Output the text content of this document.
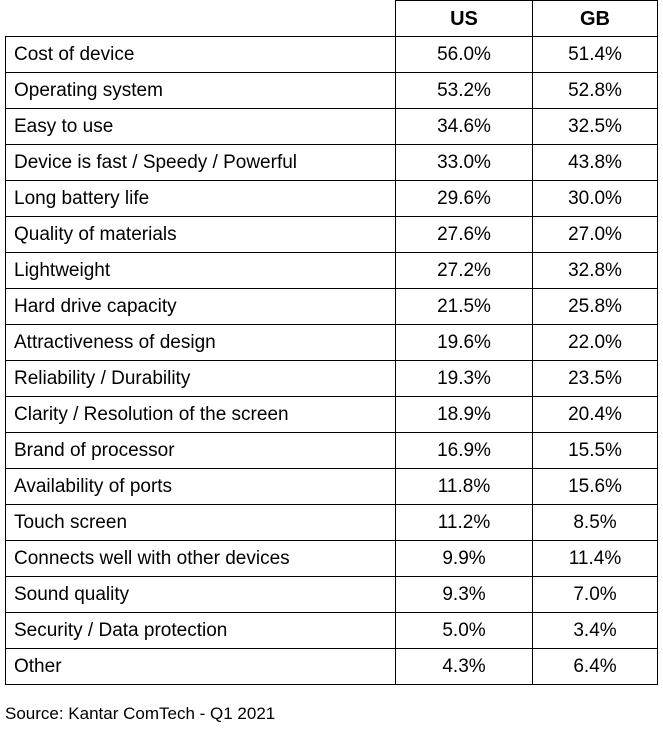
	US	GB
Cost of device	56.0%	51.4%
Operating system	53.2%	52.8%
Easy to use	34.6%	32.5%
Device is fast / Speedy / Powerful	33.0%	43.8%
Long battery life	29.6%	30.0%
Quality of materials	27.6%	27.0%
Lightweight	27.2%	32.8%
Hard drive capacity	21.5%	25.8%
Attractiveness of design	19.6%	22.0%
Reliability / Durability	19.3%	23.5%
Clarity / Resolution of the screen	18.9%	20.4%
Brand of processor	16.9%	15.5%
Availability of ports	11.8%	15.6%
Touch screen	11.2%	8.5%
Connects well with other devices	9.9%	11.4%
Sound quality	9.3%	7.0%
Security / Data protection	5.0%	3.4%
Other	4.3%	6.4%
Source: Kantar ComTech - Q1 2021
